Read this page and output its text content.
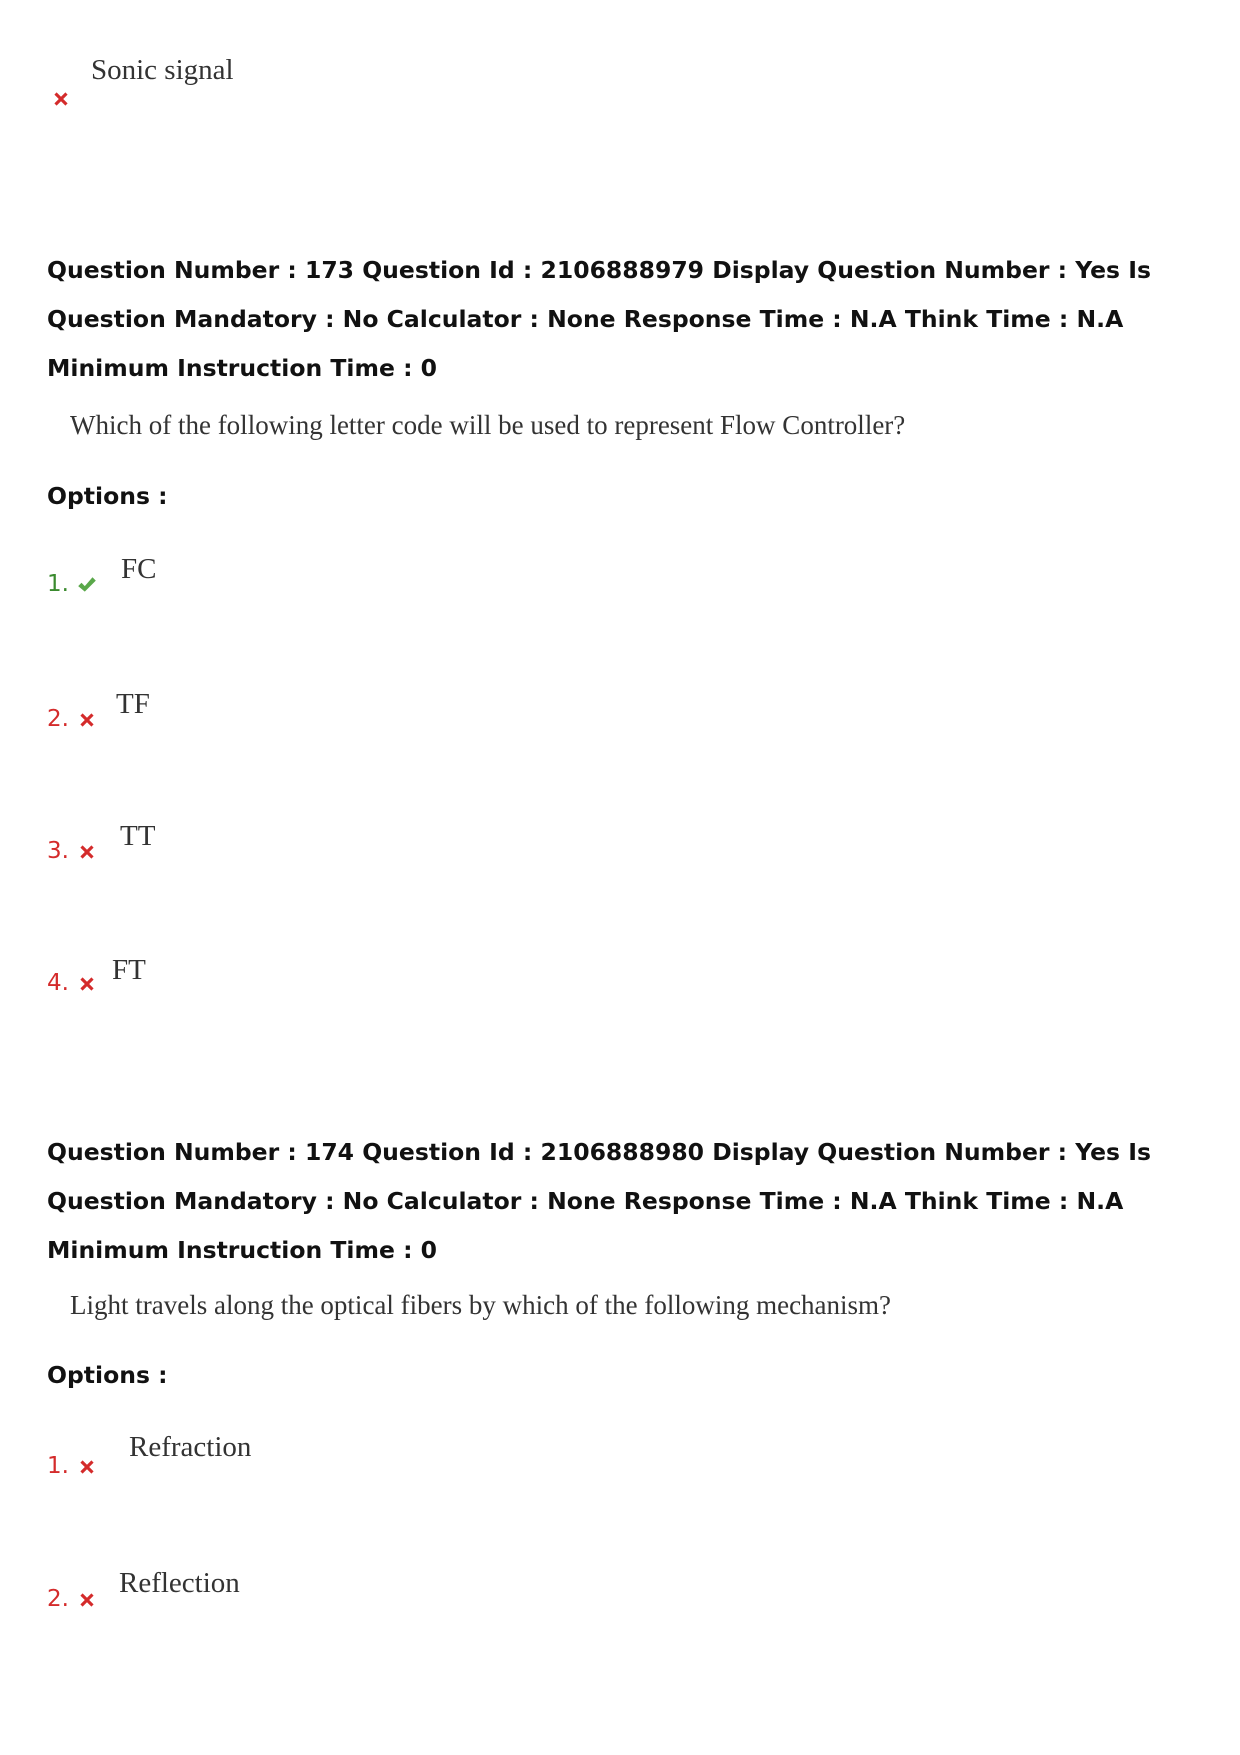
Sonic signal
Question Number : 173 Question Id : 2106888979 Display Question Number : Yes Is Question Mandatory : No Calculator : None Response Time : N.A Think Time : N.A Minimum Instruction Time : 0
Which of the following letter code will be used to represent Flow Controller?
Options :
1.	FC
2.	TF
3.	TT
4.	FT
Question Number : 174 Question Id : 2106888980 Display Question Number : Yes Is Question Mandatory : No Calculator : None Response Time : N.A Think Time : N.A Minimum Instruction Time : 0
Light travels along the optical fibers by which of the following mechanism?
Options :
1.
Refraction
2.	Reflection
